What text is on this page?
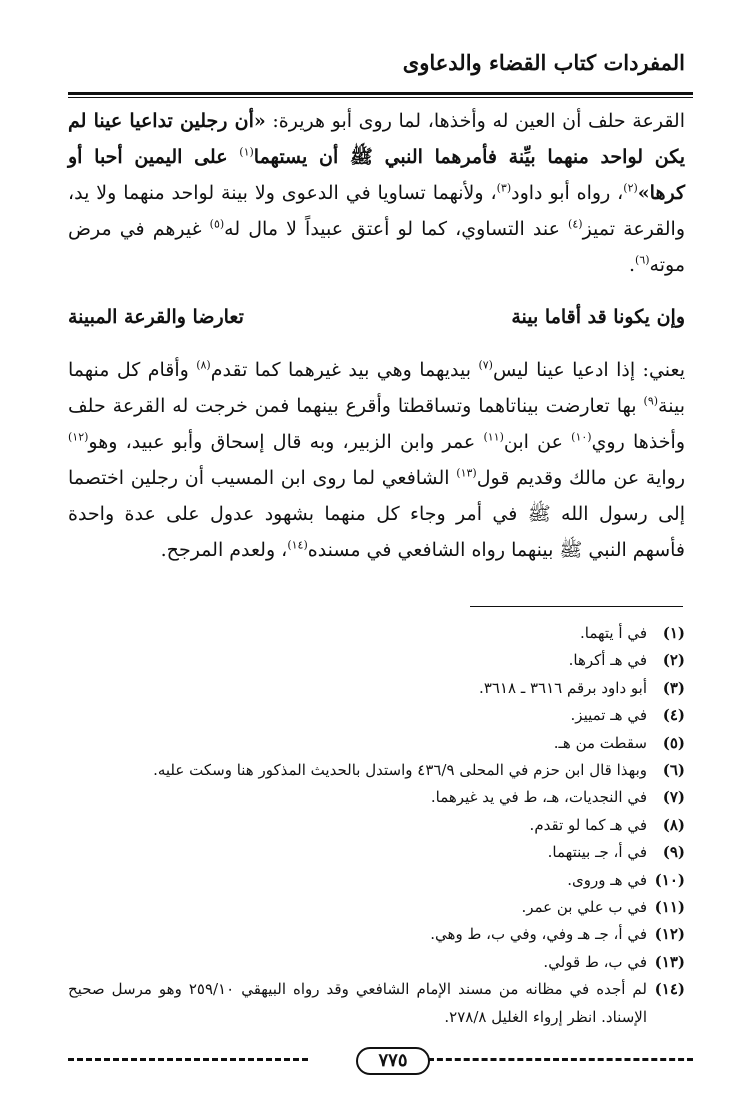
المفردات كتاب القضاء والدعاوى
القرعة حلف أن العين له وأخذها، لما روى أبو هريرة: «أن رجلين تداعيا عينا لم يكن لواحد منهما بيِّنة فأمرهما النبي ﷺ أن يستهما$^{(١)}$ على اليمين أحبا أو كرها»$^{(٢)}$، رواه أبو داود$^{(٣)}$، ولأنهما تساويا في الدعوى ولا بينة لواحد منهما ولا يد، والقرعة تميز$^{(٤)}$ عند التساوي، كما لو أعتق عبيداً لا مال له$^{(٥)}$ غيرهم في مرض موته$^{(٦)}$.
وإن يكونا قد أقاما بينة
تعارضا والقرعة المبينة
يعني: إذا ادعيا عينا ليس$^{(٧)}$ بيديهما وهي بيد غيرهما كما تقدم$^{(٨)}$ وأقام كل منهما بينة$^{(٩)}$ بها تعارضت بيناتاهما وتساقطتا وأقرع بينهما فمن خرجت له القرعة حلف وأخذها روي$^{(١٠)}$ عن ابن$^{(١١)}$ عمر وابن الزبير، وبه قال إسحاق وأبو عبيد، وهو$^{(١٢)}$ رواية عن مالك وقديم قول$^{(١٣)}$ الشافعي لما روى ابن المسيب أن رجلين اختصما إلى رسول الله ﷺ في أمر وجاء كل منهما بشهود عدول على عدة واحدة فأسهم النبي ﷺ بينهما رواه الشافعي في مسنده$^{(١٤)}$، ولعدم المرجح.
(١)
في أ يتهما.
(٢)
في هـ أكرها.
(٣)
أبو داود برقم ٣٦١٦ ـ ٣٦١٨.
(٤)
في هـ تمييز.
(٥)
سقطت من هـ.
(٦)
وبهذا قال ابن حزم في المحلى ٤٣٦/٩ واستدل بالحديث المذكور هنا وسكت عليه.
(٧)
في النجديات، هـ، ط في يد غيرهما.
(٨)
في هـ كما لو تقدم.
(٩)
في أ، جـ بينتهما.
(١٠)
في هـ وروى.
(١١)
في ب علي بن عمر.
(١٢)
في أ، جـ هـ وفي، وفي ب، ط وهي.
(١٣)
في ب، ط قولي.
(١٤)
لم أجده في مظانه من مسند الإمام الشافعي وقد رواه البيهقي ٢٥٩/١٠ وهو مرسل صحيح الإسناد. انظر إرواء الغليل ٢٧٨/٨.
٧٧٥
